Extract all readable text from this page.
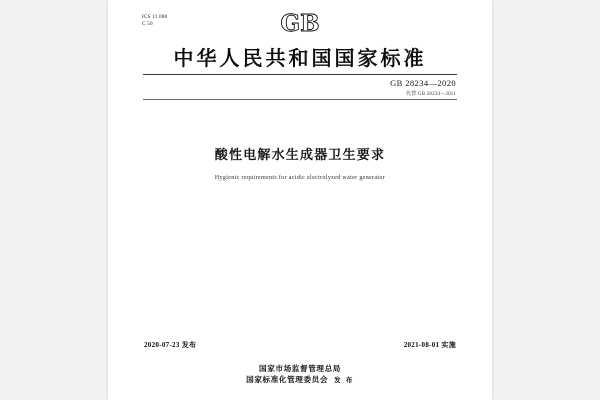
ICS 11.080
C 50	GB
中华人民共和国国家标准
GB 28234—2020
代替 GB 28234—2011
酸性电解水生成器卫生要求
Hygienic requirements for acidic electrolyzed water generator
2020-07-23 发布	2021-08-01 实施
国家市场监督管理总局
国家标准化管理委员会 发 布
